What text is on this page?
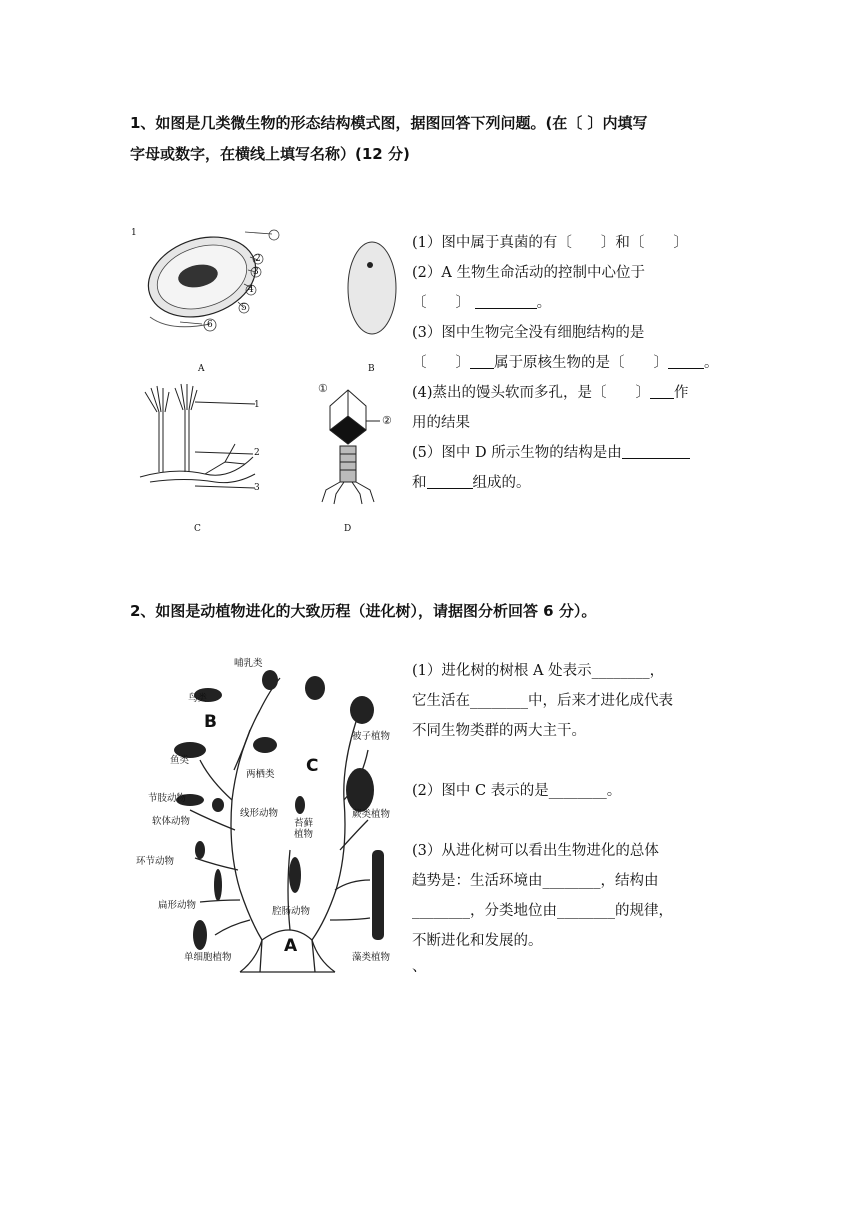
1、如图是几类微生物的形态结构模式图，据图回答下列问题。(在〔 〕内填写
字母或数字，在横线上填写名称）(12 分)
1
2
3
4
5
6
A	B
1
2
3
C
①
②
D

(1）图中属于真菌的有〔　　〕和〔　　〕

(2）A 生物生命活动的控制中心位于

〔　　〕	。

(3）图中生物完全没有细胞结构的是

〔　　〕 属于原核生物的是〔　　〕 。

(4)蒸出的馒头软而多孔，是〔　　〕 作

用的结果

(5）图中 D 所示生物的结构是由

和	组成的。

2、如图是动植物进化的大致历程（进化树），请据图分析回答 6 分）。
哺乳类
鸟类
B
鱼类
两栖类 C
被子植物
节肢动物
软体动物
线形动物
苔藓植物
蕨类植物
环节动物
扁形动物
腔肠动物
A
单细胞植物	藻类植物

(1）进化树的树根 A 处表示________，

它生活在________中，后来才进化成代表

不同生物类群的两大主干。

(2）图中 C 表示的是________。

(3）从进化树可以看出生物进化的总体

趋势是：生活环境由________，结构由

________，分类地位由________的规律，

不断进化和发展的。

、
